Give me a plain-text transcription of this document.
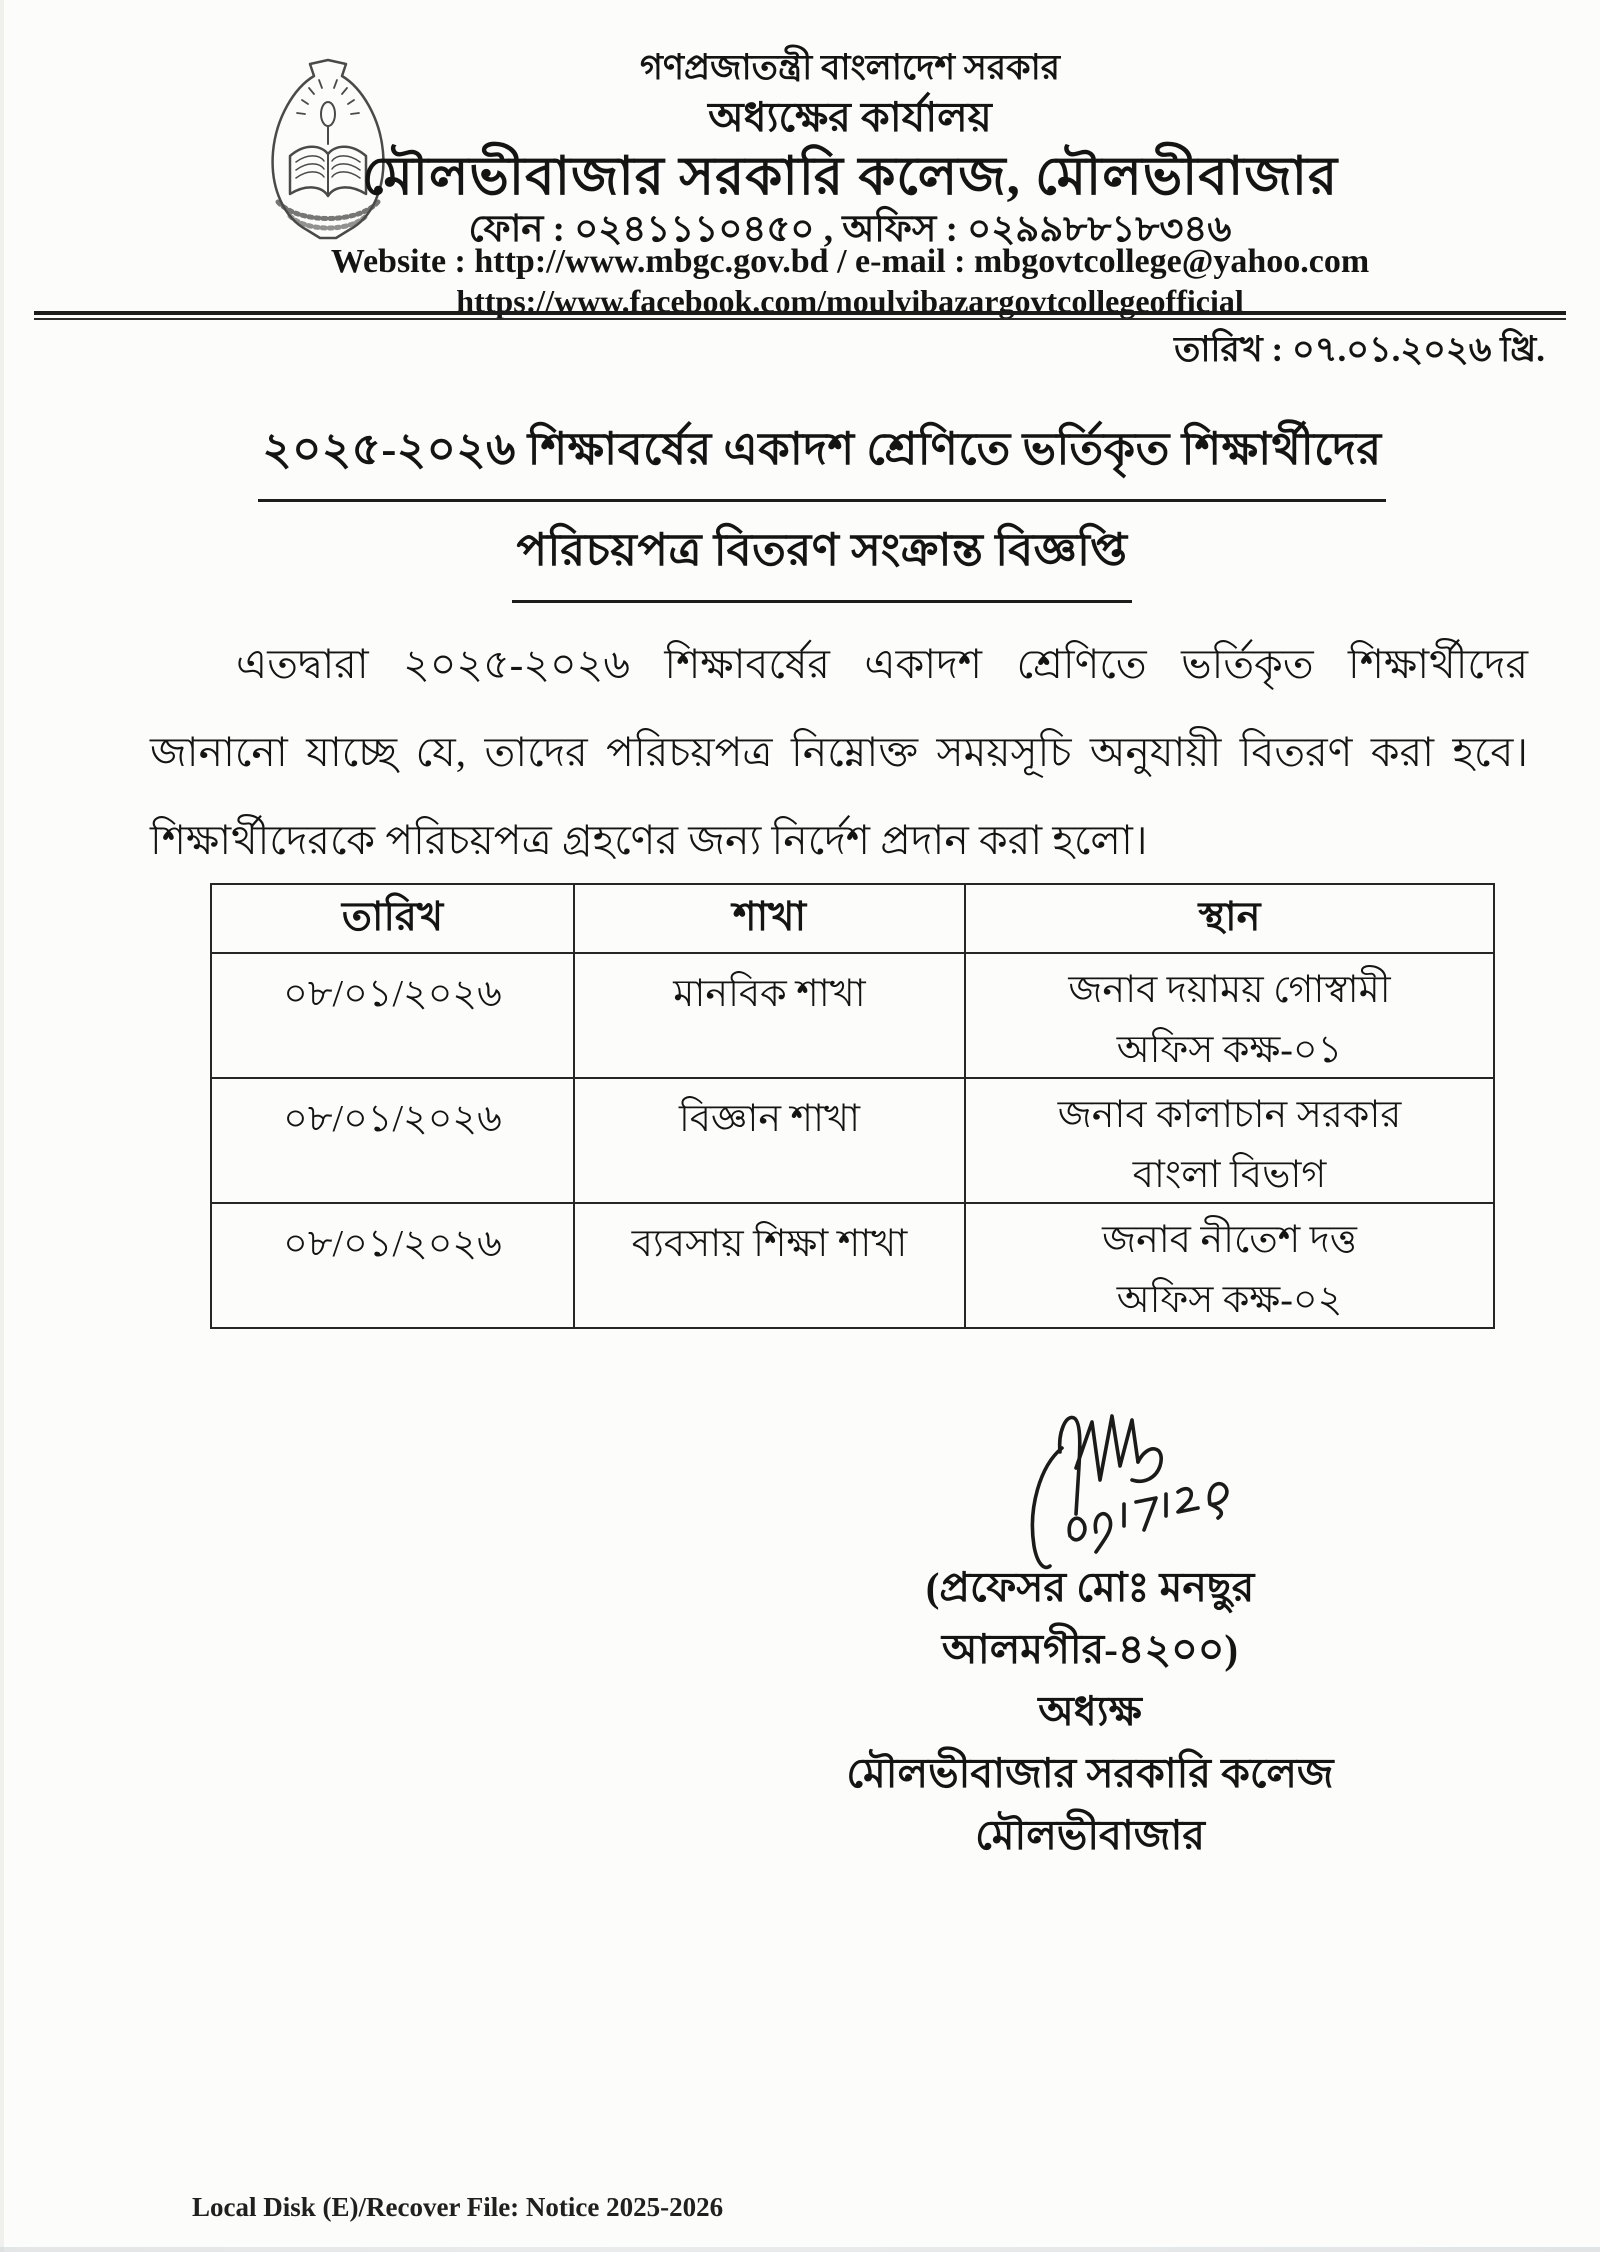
গণপ্রজাতন্ত্রী বাংলাদেশ সরকার
অধ্যক্ষের কার্যালয়
মৌলভীবাজার সরকারি কলেজ, মৌলভীবাজার
ফোন : ০২৪১১১০৪৫০ , অফিস : ০২৯৯৮৮১৮৩৪৬
Website : http://www.mbgc.gov.bd / e-mail : mbgovtcollege@yahoo.com
https://www.facebook.com/moulvibazargovtcollegeofficial
তারিখ : ০৭.০১.২০২৬ খ্রি.
২০২৫-২০২৬ শিক্ষাবর্ষের একাদশ শ্রেণিতে ভর্তিকৃত শিক্ষার্থীদের
পরিচয়পত্র বিতরণ সংক্রান্ত বিজ্ঞপ্তি
এতদ্বারা ২০২৫-২০২৬ শিক্ষাবর্ষের একাদশ শ্রেণিতে ভর্তিকৃত শিক্ষার্থীদের জানানো যাচ্ছে যে, তাদের পরিচয়পত্র নিম্নোক্ত সময়সূচি অনুযায়ী বিতরণ করা হবে। শিক্ষার্থীদেরকে পরিচয়পত্র গ্রহণের জন্য নির্দেশ প্রদান করা হলো।
তারিখ	শাখা	স্থান
০৮/০১/২০২৬	মানবিক শাখা	জনাব দয়াময় গোস্বামী
অফিস কক্ষ-০১

০৮/০১/২০২৬	বিজ্ঞান শাখা	জনাব কালাচান সরকার
বাংলা বিভাগ

০৮/০১/২০২৬	ব্যবসায় শিক্ষা শাখা	জনাব নীতেশ দত্ত
অফিস কক্ষ-০২
(প্রফেসর মোঃ মনছুর আলমগীর-৪২০০)
অধ্যক্ষ
মৌলভীবাজার সরকারি কলেজ
মৌলভীবাজার
Local Disk (E)/Recover File: Notice 2025-2026
